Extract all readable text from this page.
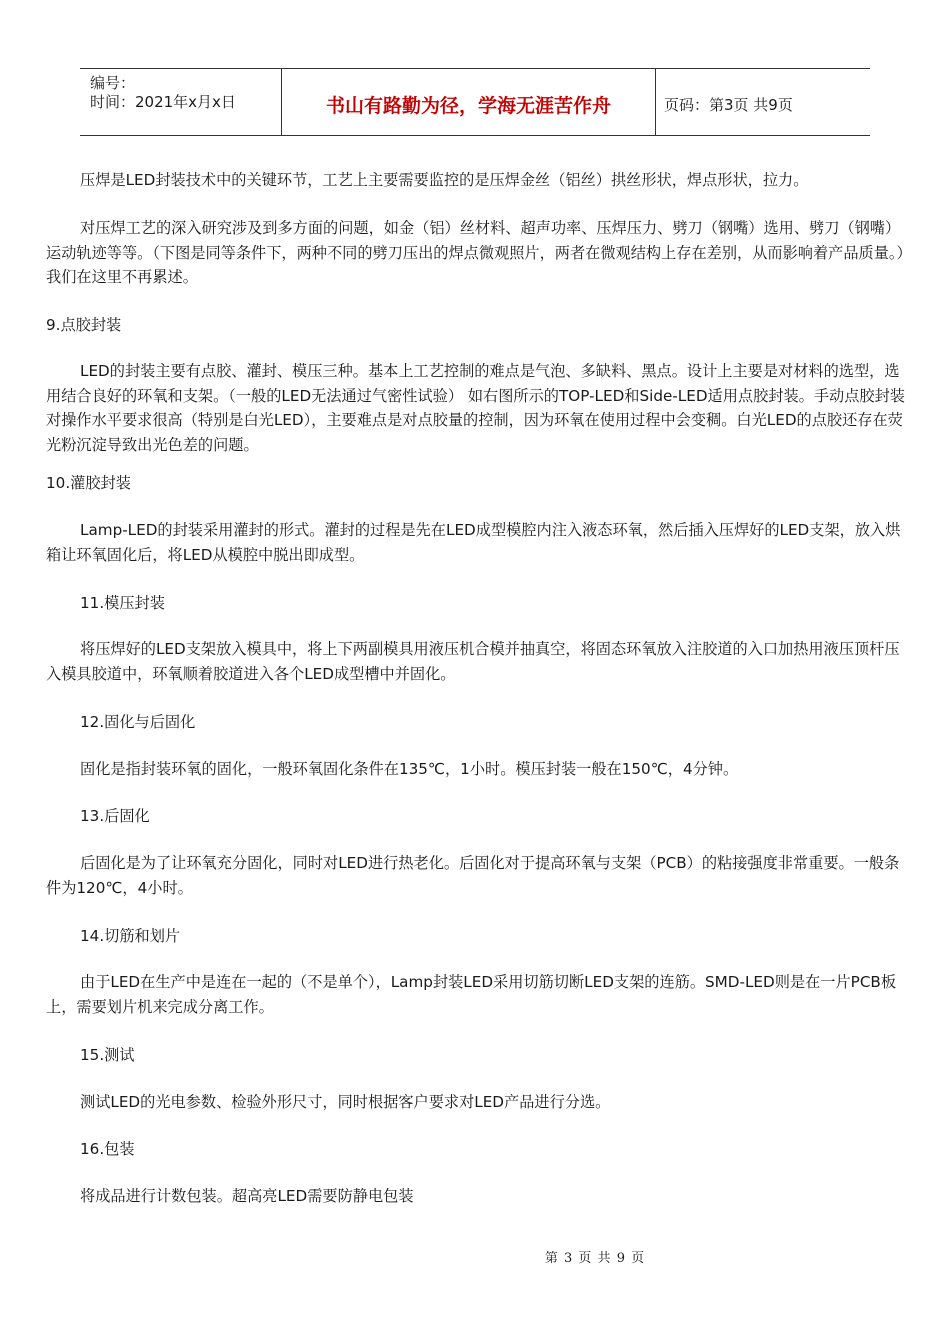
编号：
时间：2021年x月x日	书山有路勤为径，学海无涯苦作舟	页码：第3页 共9页

压焊是LED封装技术中的关键环节，工艺上主要需要监控的是压焊金丝（铝丝）拱丝形状，焊点形状，拉力。

对压焊工艺的深入研究涉及到多方面的问题，如金（铝）丝材料、超声功率、压焊压力、劈刀（钢嘴）选用、劈刀（钢嘴）运动轨迹等等。（下图是同等条件下，两种不同的劈刀压出的焊点微观照片，两者在微观结构上存在差别，从而影响着产品质量。）我们在这里不再累述。

9.点胶封装

LED的封装主要有点胶、灌封、模压三种。基本上工艺控制的难点是气泡、多缺料、黑点。设计上主要是对材料的选型，选用结合良好的环氧和支架。（一般的LED无法通过气密性试验） 如右图所示的TOP-LED和Side-LED适用点胶封装。手动点胶封装对操作水平要求很高（特别是白光LED），主要难点是对点胶量的控制，因为环氧在使用过程中会变稠。白光LED的点胶还存在荧光粉沉淀导致出光色差的问题。

10.灌胶封装

Lamp-LED的封装采用灌封的形式。灌封的过程是先在LED成型模腔内注入液态环氧，然后插入压焊好的LED支架，放入烘箱让环氧固化后，将LED从模腔中脱出即成型。

11.模压封装

将压焊好的LED支架放入模具中，将上下两副模具用液压机合模并抽真空，将固态环氧放入注胶道的入口加热用液压顶杆压入模具胶道中，环氧顺着胶道进入各个LED成型槽中并固化。

12.固化与后固化

固化是指封装环氧的固化，一般环氧固化条件在135℃，1小时。模压封装一般在150℃，4分钟。

13.后固化

后固化是为了让环氧充分固化，同时对LED进行热老化。后固化对于提高环氧与支架（PCB）的粘接强度非常重要。一般条件为120℃，4小时。

14.切筋和划片

由于LED在生产中是连在一起的（不是单个），Lamp封装LED采用切筋切断LED支架的连筋。SMD-LED则是在一片PCB板上，需要划片机来完成分离工作。

15.测试

测试LED的光电参数、检验外形尺寸，同时根据客户要求对LED产品进行分选。

16.包装

将成品进行计数包装。超高亮LED需要防静电包装

第 3 页 共 9 页
